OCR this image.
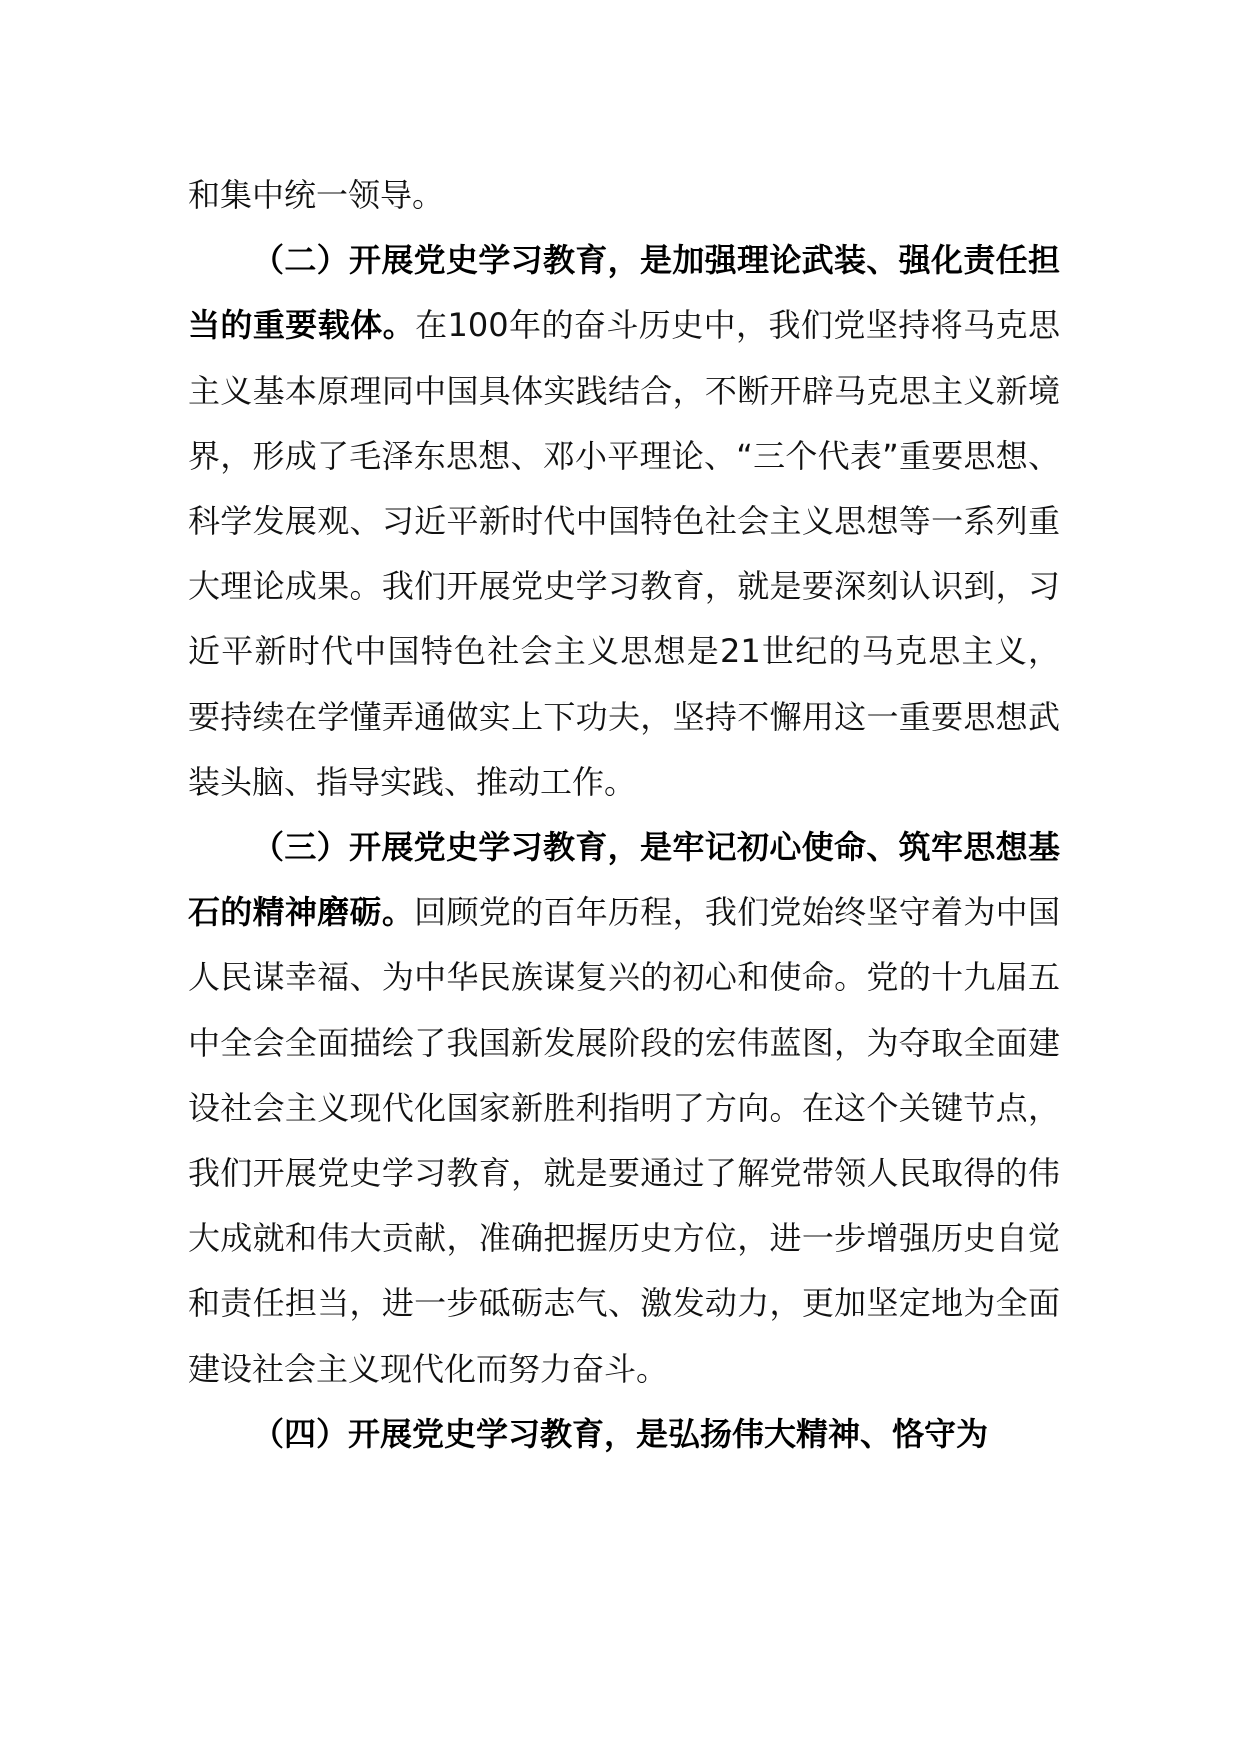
和集中统一领导。

（二）开展党史学习教育，是加强理论武装、强化责任担当的重要载体。在100年的奋斗历史中，我们党坚持将马克思主义基本原理同中国具体实践结合，不断开辟马克思主义新境界，形成了毛泽东思想、邓小平理论、“三个代表”重要思想、科学发展观、习近平新时代中国特色社会主义思想等一系列重大理论成果。我们开展党史学习教育，就是要深刻认识到，习近平新时代中国特色社会主义思想是21世纪的马克思主义，要持续在学懂弄通做实上下功夫，坚持不懈用这一重要思想武装头脑、指导实践、推动工作。

（三）开展党史学习教育，是牢记初心使命、筑牢思想基石的精神磨砺。回顾党的百年历程，我们党始终坚守着为中国人民谋幸福、为中华民族谋复兴的初心和使命。党的十九届五中全会全面描绘了我国新发展阶段的宏伟蓝图，为夺取全面建设社会主义现代化国家新胜利指明了方向。在这个关键节点，我们开展党史学习教育，就是要通过了解党带领人民取得的伟大成就和伟大贡献，准确把握历史方位，进一步增强历史自觉和责任担当，进一步砥砺志气、激发动力，更加坚定地为全面建设社会主义现代化而努力奋斗。

（四）开展党史学习教育，是弘扬伟大精神、恪守为
